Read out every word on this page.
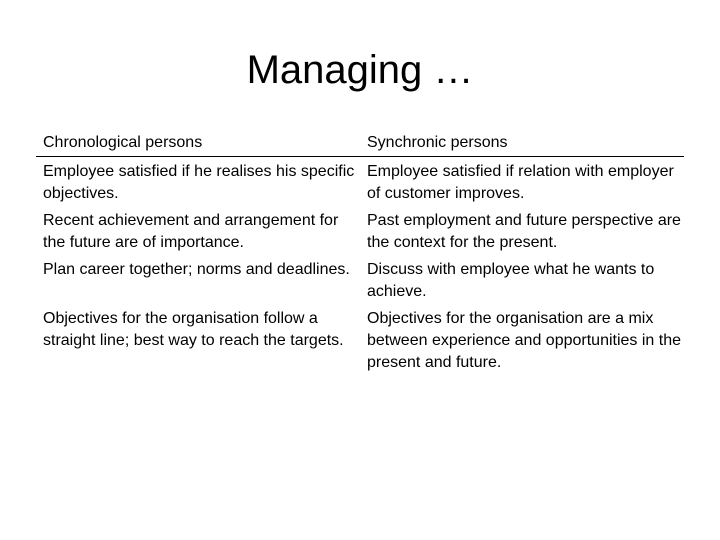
Managing …
Chronological persons	Synchronic persons
Employee satisfied if he realises his specific objectives.	Employee satisfied if relation with employer of customer improves.
Recent achievement and arrangement for the future are of importance.	Past employment and future perspective are the context for the present.
Plan career together; norms and deadlines.	Discuss with employee what he wants to achieve.
Objectives for the organisation follow a straight line; best way to reach the targets.	Objectives for the organisation are a mix between experience and opportunities in the present and future.
